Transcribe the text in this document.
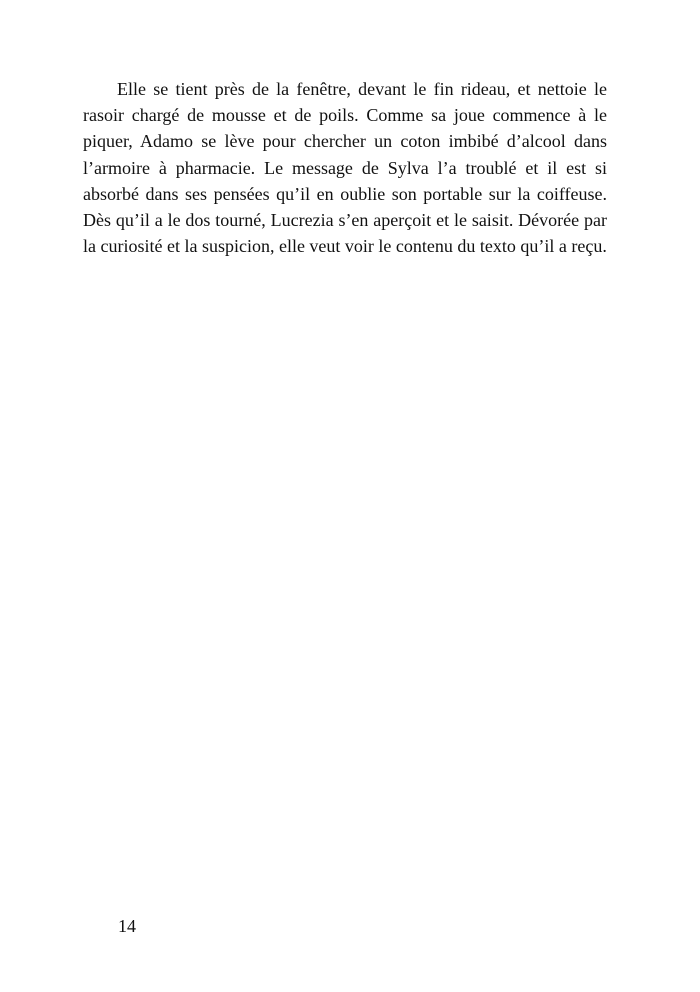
Elle se tient près de la fenêtre, devant le fin rideau, et nettoie le rasoir chargé de mousse et de poils. Comme sa joue commence à le piquer, Adamo se lève pour chercher un coton imbibé d’alcool dans l’armoire à pharmacie. Le message de Sylva l’a troublé et il est si absorbé dans ses pensées qu’il en oublie son portable sur la coiffeuse. Dès qu’il a le dos tourné, Lucrezia s’en aperçoit et le saisit. Dévorée par la curiosité et la suspicion, elle veut voir le contenu du texto qu’il a reçu.

14
